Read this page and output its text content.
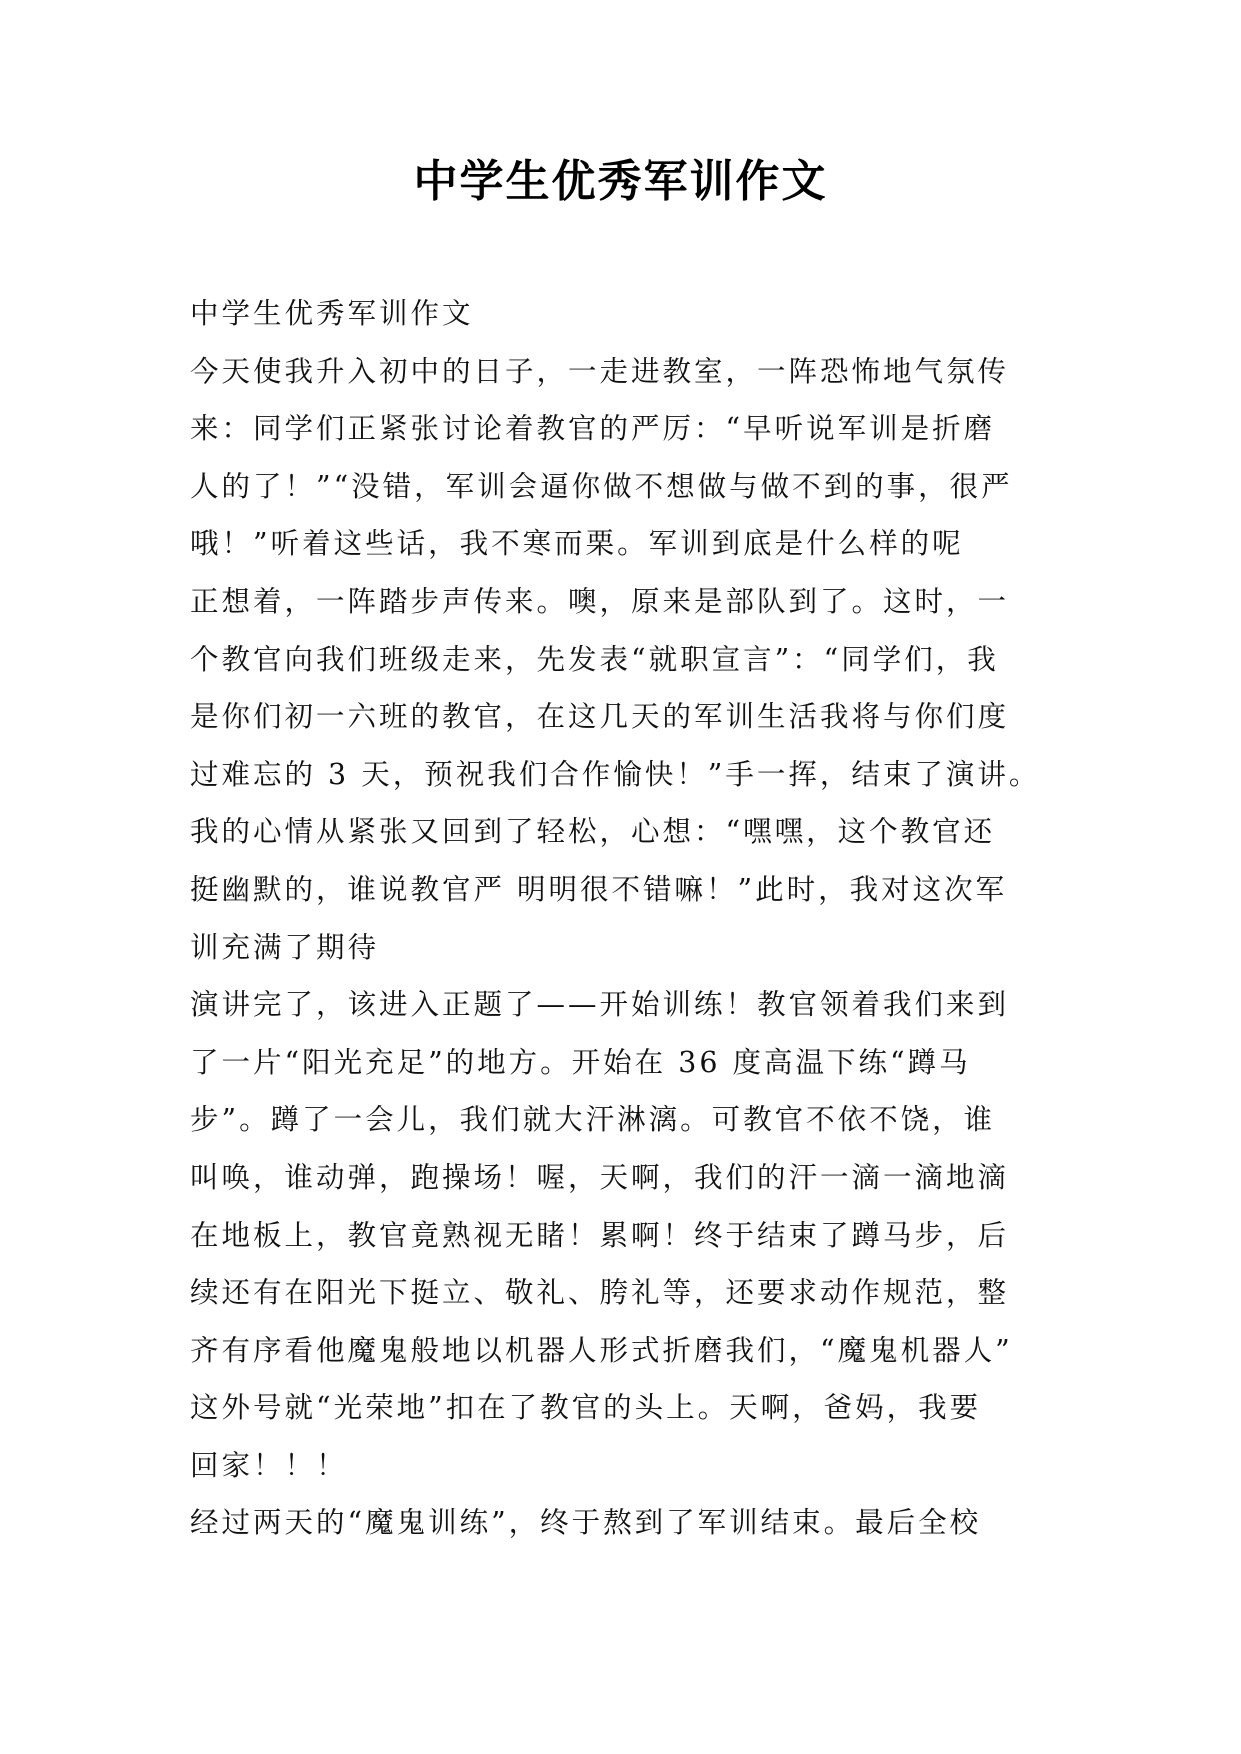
中学生优秀军训作文
中学生优秀军训作文
今天使我升入初中的日子，一走进教室，一阵恐怖地气氛传
来：同学们正紧张讨论着教官的严厉：“早听说军训是折磨
人的了！”“没错，军训会逼你做不想做与做不到的事，很严
哦！”听着这些话，我不寒而栗。军训到底是什么样的呢
正想着，一阵踏步声传来。噢，原来是部队到了。这时，一
个教官向我们班级走来，先发表“就职宣言”：“同学们，我
是你们初一六班的教官，在这几天的军训生活我将与你们度
过难忘的 3 天，预祝我们合作愉快！”手一挥，结束了演讲。
我的心情从紧张又回到了轻松，心想：“嘿嘿，这个教官还
挺幽默的，谁说教官严 明明很不错嘛！”此时，我对这次军
训充满了期待
演讲完了，该进入正题了——开始训练！教官领着我们来到
了一片“阳光充足”的地方。开始在 36 度高温下练“蹲马
步”。蹲了一会儿，我们就大汗淋漓。可教官不依不饶，谁
叫唤，谁动弹，跑操场！喔，天啊，我们的汗一滴一滴地滴
在地板上，教官竟熟视无睹！累啊！终于结束了蹲马步，后
续还有在阳光下挺立、敬礼、胯礼等，还要求动作规范，整
齐有序看他魔鬼般地以机器人形式折磨我们，“魔鬼机器人”
这外号就“光荣地”扣在了教官的头上。天啊，爸妈，我要
回家！！！
经过两天的“魔鬼训练”，终于熬到了军训结束。最后全校
